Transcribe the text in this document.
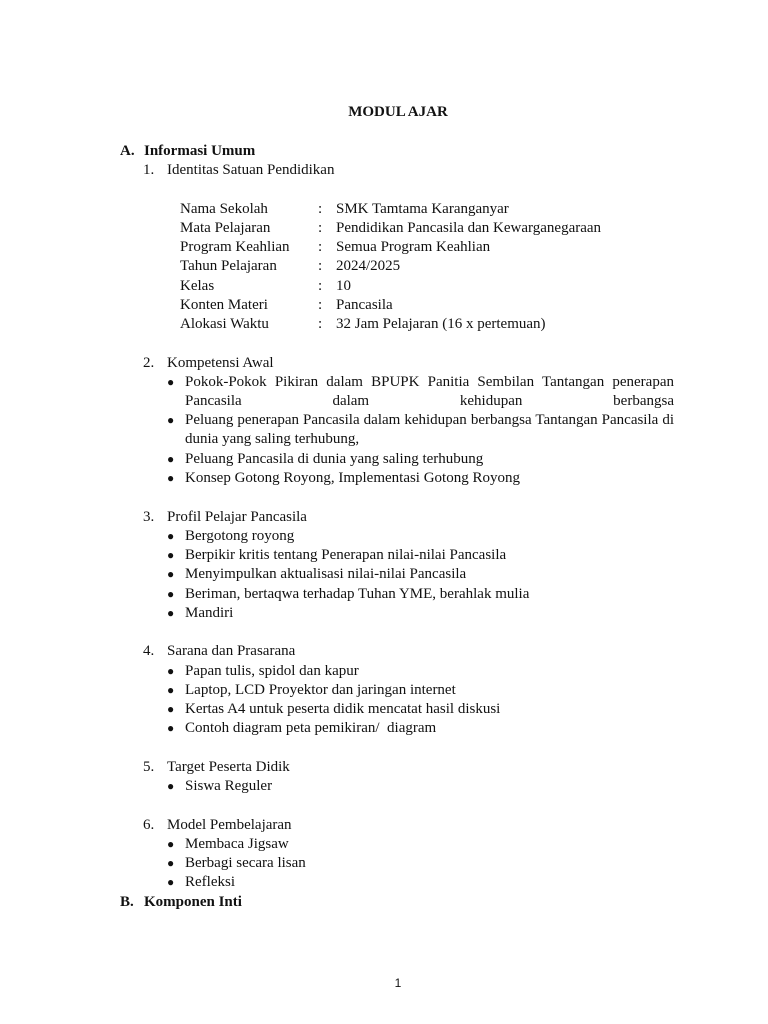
MODUL AJAR
A. Informasi Umum
1. Identitas Satuan Pendidikan
Nama Sekolah	: SMK Tamtama Karanganyar
Mata Pelajaran	: Pendidikan Pancasila dan Kewarganegaraan
Program Keahlian : Semua Program Keahlian
Tahun Pelajaran	: 2024/2025
Kelas	: 10
Konten Materi	: Pancasila
Alokasi Waktu	: 32 Jam Pelajaran (16 x pertemuan)
2. Kompetensi Awal
● Pokok-Pokok Pikiran dalam BPUPK Panitia Sembilan Tantangan penerapan Pancasila dalam kehidupan berbangsa
● Peluang penerapan Pancasila dalam kehidupan berbangsa Tantangan Pancasila di dunia yang saling terhubung,
● Peluang Pancasila di dunia yang saling terhubung
● Konsep Gotong Royong, Implementasi Gotong Royong
3. Profil Pelajar Pancasila
● Bergotong royong
● Berpikir kritis tentang Penerapan nilai-nilai Pancasila
● Menyimpulkan aktualisasi nilai-nilai Pancasila
● Beriman, bertaqwa terhadap Tuhan YME, berahlak mulia
● Mandiri
4. Sarana dan Prasarana
● Papan tulis, spidol dan kapur
● Laptop, LCD Proyektor dan jaringan internet
● Kertas A4 untuk peserta didik mencatat hasil diskusi
● Contoh diagram peta pemikiran/  diagram
5. Target Peserta Didik
● Siswa Reguler
6. Model Pembelajaran
● Membaca Jigsaw
● Berbagi secara lisan
● Refleksi
B. Komponen Inti
1
